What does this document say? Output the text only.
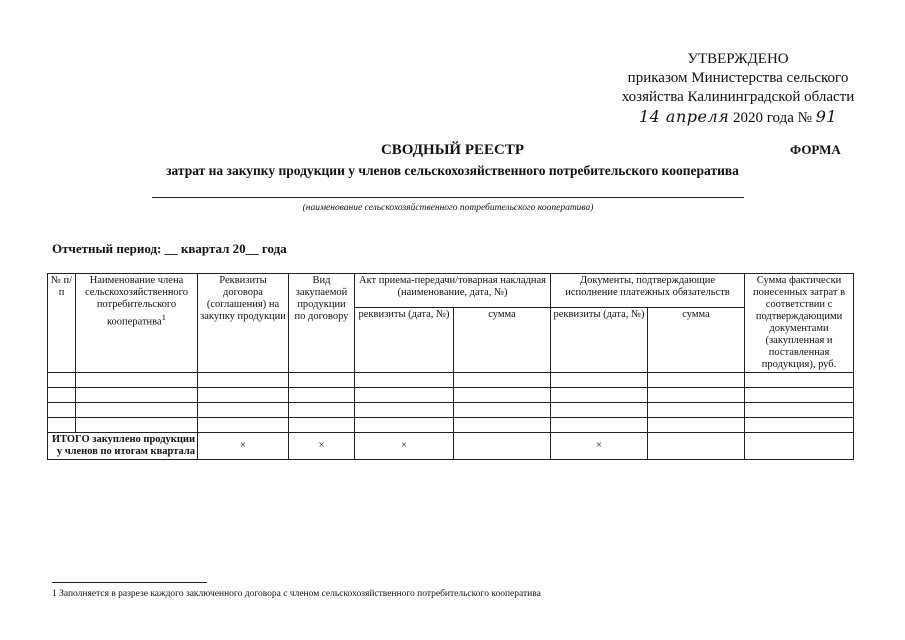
УТВЕРЖДЕНО
приказом Министерства сельского
хозяйства Калининградской области
14 апреля 2020 года № 91
СВОДНЫЙ РЕЕСТР	ФОРМА
затрат на закупку продукции у членов сельскохозяйственного потребительского кооператива
(наименование сельскохозяйственного потребительского кооператива)
Отчетный период: __ квартал 20__ года
№ п/п	Наименование члена сельскохозяйственного потребительского кооператива$^1$	Реквизиты договора (соглашения) на закупку продукции	Вид закупаемой продукции по договору	Акт приема-передачи/товарная накладная (наименование, дата, №)		Документы, подтверждающие исполнение платежных обязательств		Сумма фактически понесенных затрат в соответствии с подтверждающими документами (закупленная и поставленная продукция), руб.
				реквизиты (дата, №)	сумма	реквизиты (дата, №)	сумма	

ИТОГО закуплено продукции у членов по итогам квартала		×	×	×		×		
1 Заполняется в разрезе каждого заключенного договора с членом сельскохозяйственного потребительского кооператива
